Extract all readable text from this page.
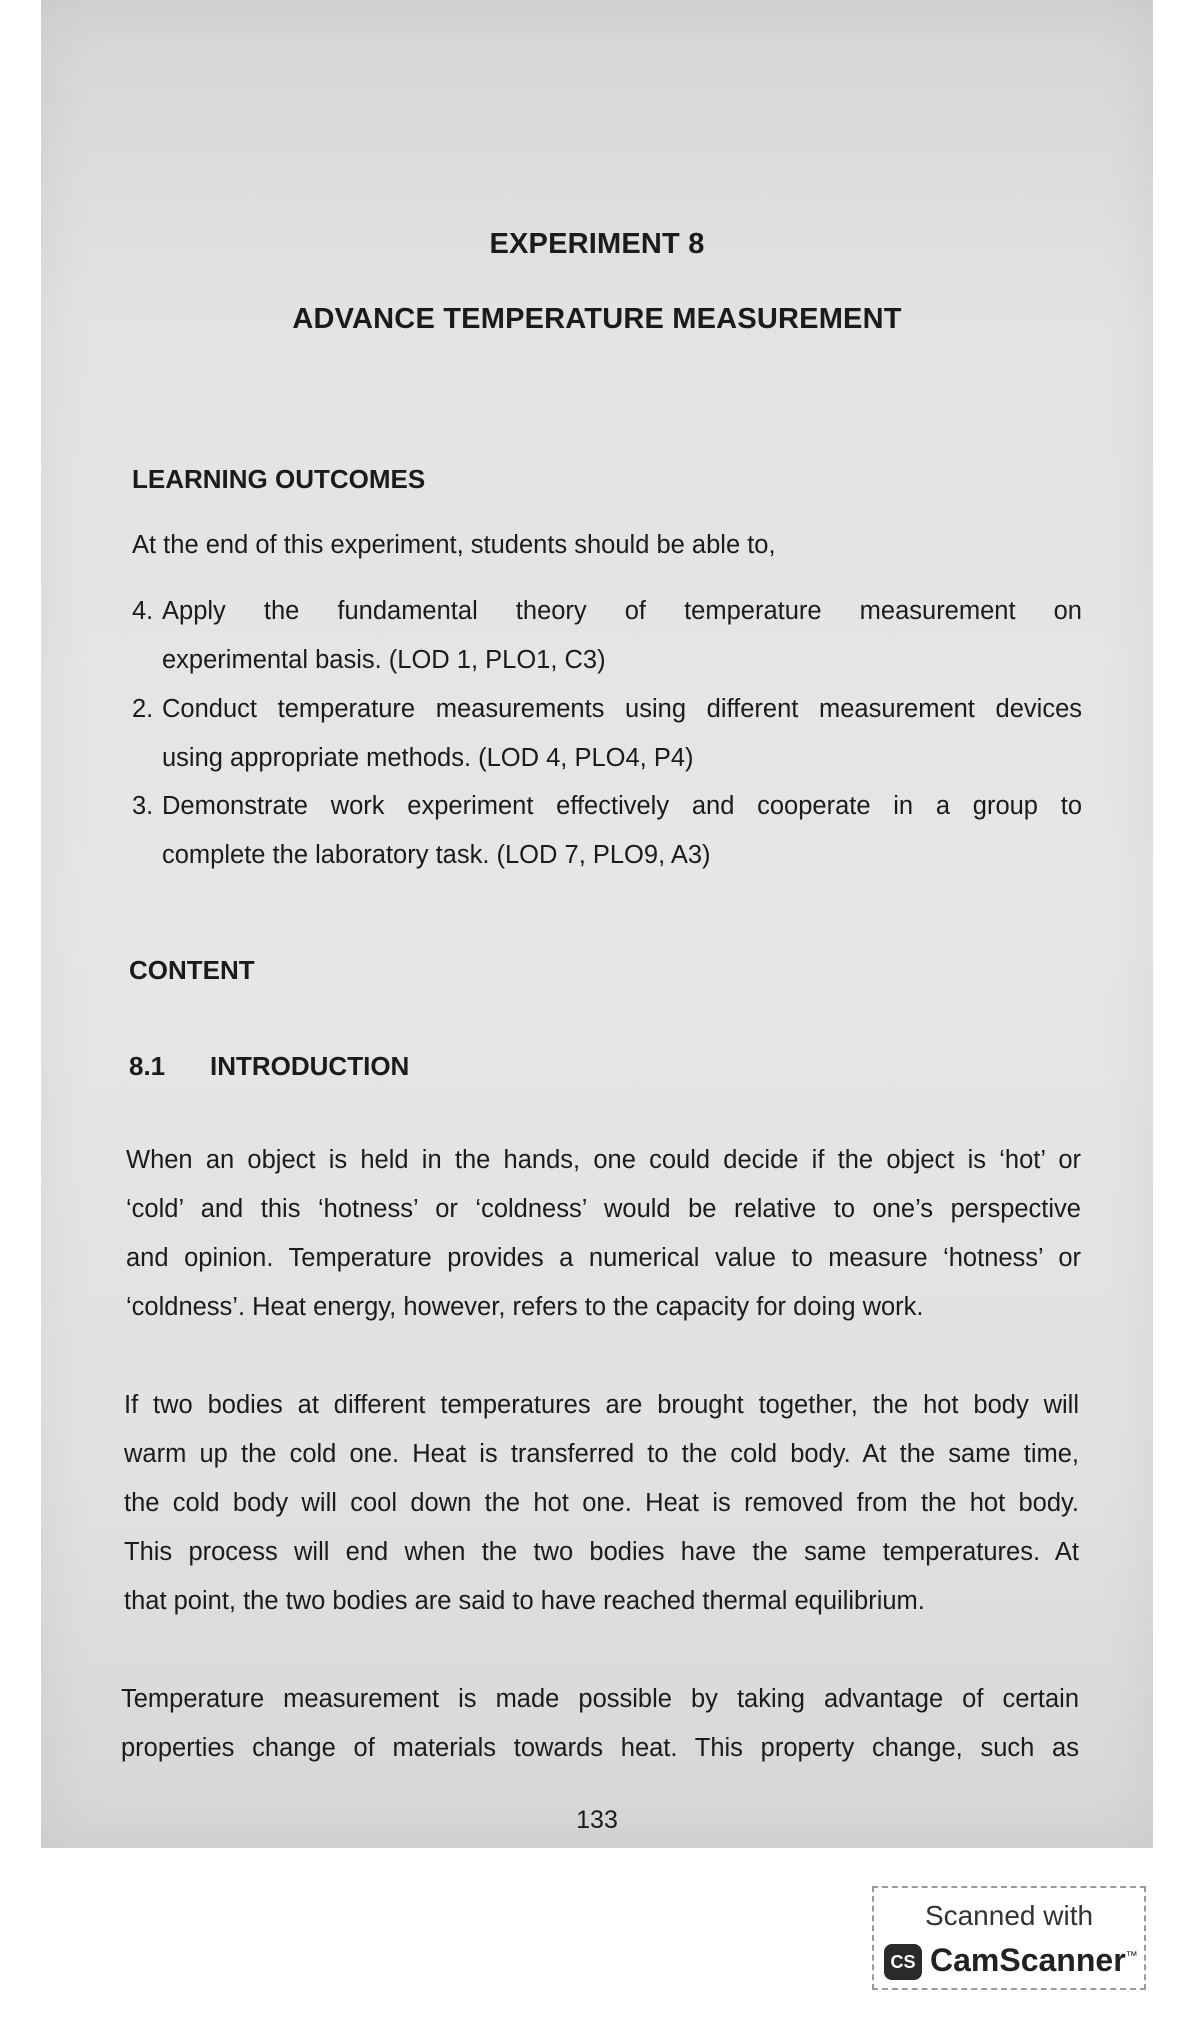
EXPERIMENT 8
ADVANCE TEMPERATURE MEASUREMENT
LEARNING OUTCOMES
At the end of this experiment, students should be able to,
4. Apply the fundamental theory of temperature measurement on
experimental basis. (LOD 1, PLO1, C3)
2. Conduct temperature measurements using different measurement devices
using appropriate methods. (LOD 4, PLO4, P4)
3. Demonstrate work experiment effectively and cooperate in a group to
complete the laboratory task. (LOD 7, PLO9, A3)
CONTENT
8.1 INTRODUCTION
When an object is held in the hands, one could decide if the object is ‘hot’ or
‘cold’ and this ‘hotness’ or ‘coldness’ would be relative to one’s perspective
and opinion. Temperature provides a numerical value to measure ‘hotness’ or
‘coldness’. Heat energy, however, refers to the capacity for doing work.
If two bodies at different temperatures are brought together, the hot body will
warm up the cold one. Heat is transferred to the cold body. At the same time,
the cold body will cool down the hot one. Heat is removed from the hot body.
This process will end when the two bodies have the same temperatures. At
that point, the two bodies are said to have reached thermal equilibrium.
Temperature measurement is made possible by taking advantage of certain
properties change of materials towards heat. This property change, such as
133
Scanned with
CS CamScanner™
